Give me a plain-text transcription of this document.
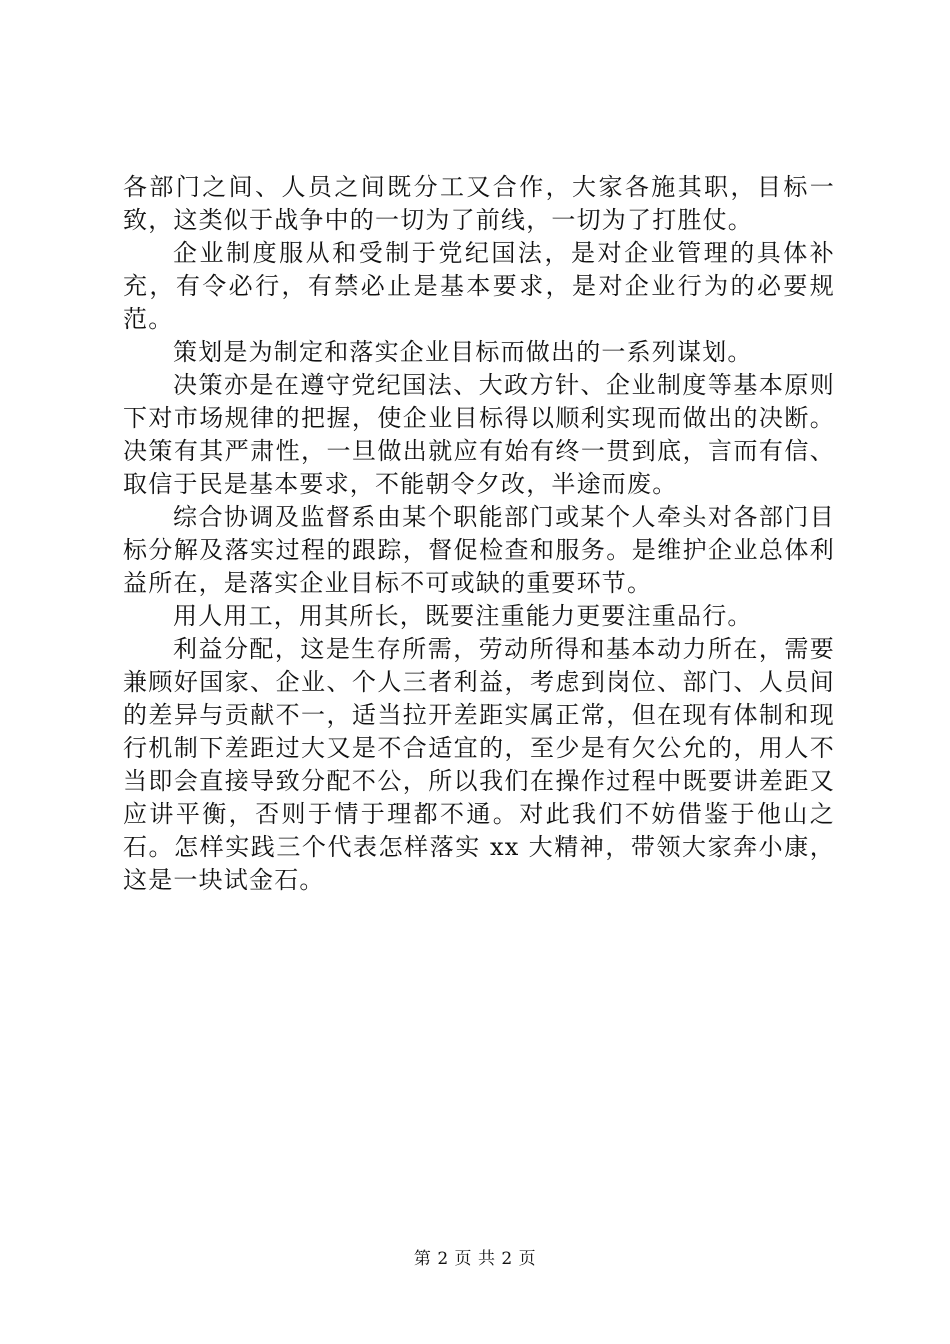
各部门之间、人员之间既分工又合作，大家各施其职，目标一致，这类似于战争中的一切为了前线，一切为了打胜仗。

企业制度服从和受制于党纪国法，是对企业管理的具体补充，有令必行，有禁必止是基本要求，是对企业行为的必要规范。

策划是为制定和落实企业目标而做出的一系列谋划。

决策亦是在遵守党纪国法、大政方针、企业制度等基本原则下对市场规律的把握，使企业目标得以顺利实现而做出的决断。决策有其严肃性，一旦做出就应有始有终一贯到底，言而有信、取信于民是基本要求，不能朝令夕改，半途而废。

综合协调及监督系由某个职能部门或某个人牵头对各部门目标分解及落实过程的跟踪，督促检查和服务。是维护企业总体利益所在，是落实企业目标不可或缺的重要环节。

用人用工，用其所长，既要注重能力更要注重品行。

利益分配，这是生存所需，劳动所得和基本动力所在，需要兼顾好国家、企业、个人三者利益，考虑到岗位、部门、人员间的差异与贡献不一，适当拉开差距实属正常，但在现有体制和现行机制下差距过大又是不合适宜的，至少是有欠公允的，用人不当即会直接导致分配不公，所以我们在操作过程中既要讲差距又应讲平衡，否则于情于理都不通。对此我们不妨借鉴于他山之石。怎样实践三个代表怎样落实 xx 大精神，带领大家奔小康，这是一块试金石。

第 2 页 共 2 页
